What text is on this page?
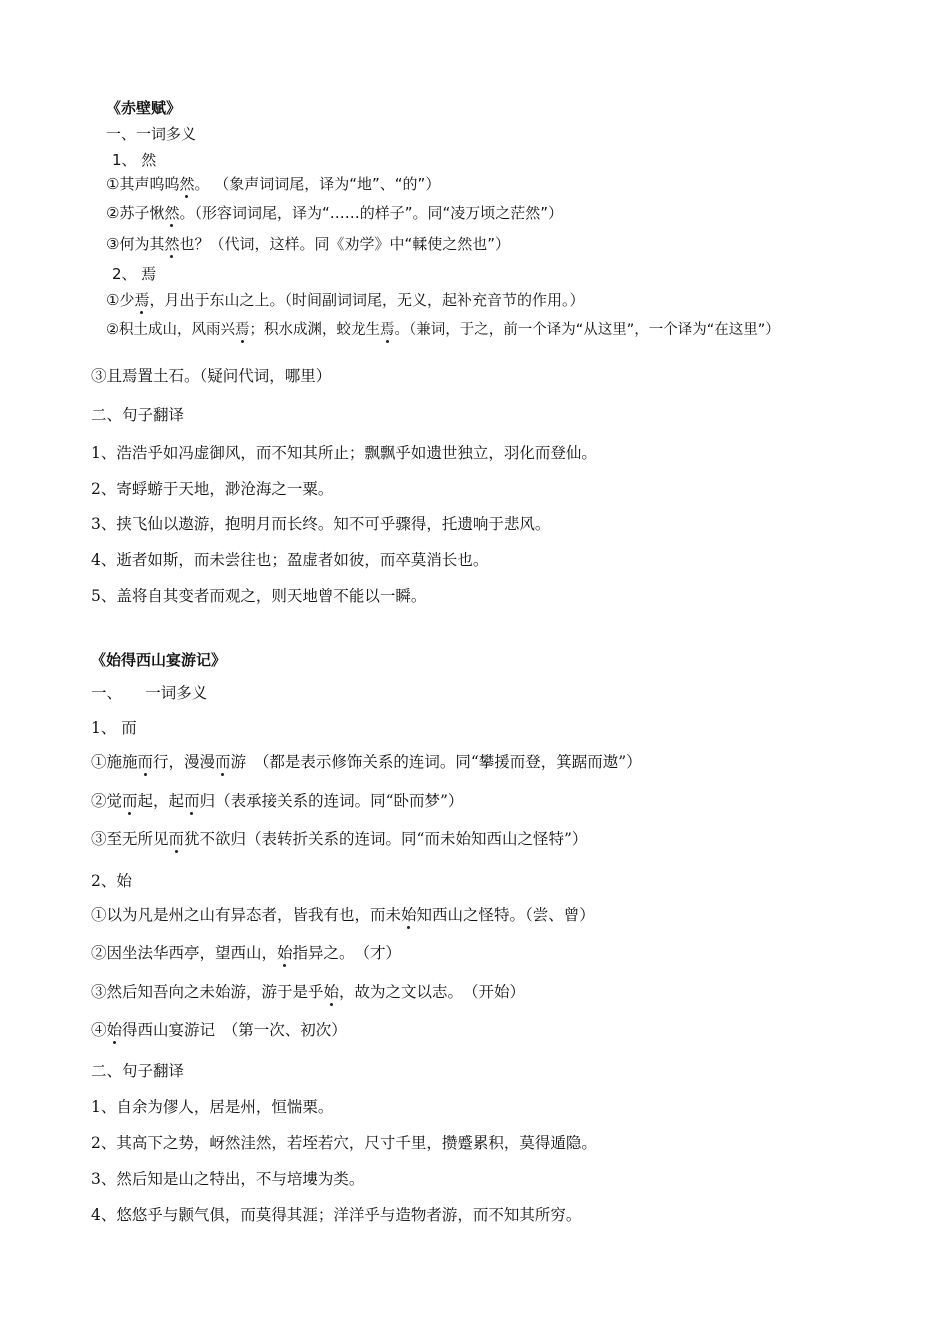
《赤壁赋》
一、一词多义
1、 然
①其声呜呜然。 （象声词词尾，译为“地”、“的”）
②苏子愀然。（形容词词尾，译为“……的样子”。同“凌万顷之茫然”）
③何为其然也？（代词，这样。同《劝学》中“輮使之然也”）
2、 焉
①少焉，月出于东山之上。（时间副词词尾，无义，起补充音节的作用。）
②积土成山，风雨兴焉；积水成渊，蛟龙生焉。（兼词，于之，前一个译为“从这里”，一个译为“在这里”）
③且焉置土石。（疑问代词，哪里）
二、句子翻译
1、浩浩乎如冯虚御风，而不知其所止；飘飘乎如遗世独立，羽化而登仙。
2、寄蜉蝣于天地，渺沧海之一粟。
3、挟飞仙以遨游，抱明月而长终。知不可乎骤得，托遗响于悲风。
4、逝者如斯，而未尝往也；盈虚者如彼，而卒莫消长也。
5、盖将自其变者而观之，则天地曾不能以一瞬。
《始得西山宴游记》
一、　　一词多义
1、 而
①施施而行，漫漫而游　（都是表示修饰关系的连词。同“攀援而登，箕踞而遨”）
②觉而起，起而归（表承接关系的连词。同“卧而梦”）
③至无所见而犹不欲归（表转折关系的连词。同“而未始知西山之怪特”）
2、始
①以为凡是州之山有异态者，皆我有也，而未始知西山之怪特。（尝、曾）
②因坐法华西亭，望西山，始指异之。　（才）
③然后知吾向之未始游，游于是乎始，故为之文以志。　（开始）
④始得西山宴游记　（第一次、初次）
二、句子翻译
1、自余为僇人，居是州，恒惴栗。
2、其高下之势，岈然洼然，若垤若穴，尺寸千里，攒蹙累积，莫得遁隐。
3、然后知是山之特出，不与培塿为类。
4、悠悠乎与颢气俱，而莫得其涯；洋洋乎与造物者游，而不知其所穷。
